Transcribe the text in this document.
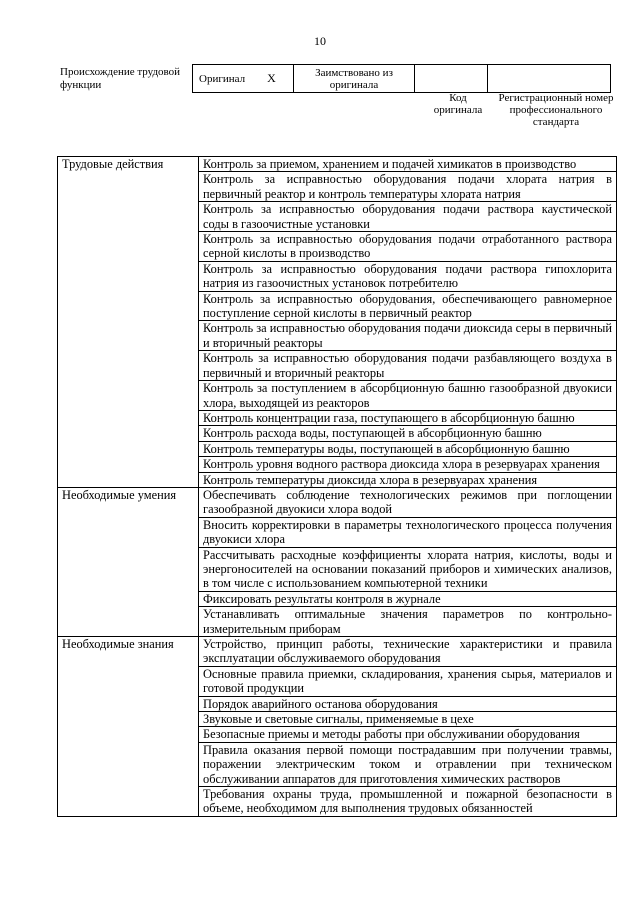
10
Происхождение трудовой функции	Оригинал X	Заимствовано из оригинала		
Код оригинала
Регистрационный номер профессионального стандарта
Трудовые действия	Контроль за приемом, хранением и подачей химикатов в производство
	Контроль за исправностью оборудования подачи хлората натрия в первичный реактор и контроль температуры хлората натрия
	Контроль за исправностью оборудования подачи раствора каустической соды в газоочистные установки
	Контроль за исправностью оборудования подачи отработанного раствора серной кислоты в производство
	Контроль за исправностью оборудования подачи раствора гипохлорита натрия из газоочистных установок потребителю
	Контроль за исправностью оборудования, обеспечивающего равномерное поступление серной кислоты в первичный реактор
	Контроль за исправностью оборудования подачи диоксида серы в первичный и вторичный реакторы
	Контроль за исправностью оборудования подачи разбавляющего воздуха в первичный и вторичный реакторы
	Контроль за поступлением в абсорбционную башню газообразной двуокиси хлора, выходящей из реакторов
	Контроль концентрации газа, поступающего в абсорбционную башню
	Контроль расхода воды, поступающей в абсорбционную башню
	Контроль температуры воды, поступающей в абсорбционную башню
	Контроль уровня водного раствора диоксида хлора в резервуарах хранения
	Контроль температуры диоксида хлора в резервуарах хранения
Необходимые умения	Обеспечивать соблюдение технологических режимов при поглощении газообразной двуокиси хлора водой
	Вносить корректировки в параметры технологического процесса получения двуокиси хлора
	Рассчитывать расходные коэффициенты хлората натрия, кислоты, воды и энергоносителей на основании показаний приборов и химических анализов, в том числе с использованием компьютерной техники
	Фиксировать результаты контроля в журнале
	Устанавливать оптимальные значения параметров по контрольно-измерительным приборам
Необходимые знания	Устройство, принцип работы, технические характеристики и правила эксплуатации обслуживаемого оборудования
	Основные правила приемки, складирования, хранения сырья, материалов и готовой продукции
	Порядок аварийного останова оборудования
	Звуковые и световые сигналы, применяемые в цехе
	Безопасные приемы и методы работы при обслуживании оборудования
	Правила оказания первой помощи пострадавшим при получении травмы, поражении электрическим током и отравлении при техническом обслуживании аппаратов для приготовления химических растворов
	Требования охраны труда, промышленной и пожарной безопасности в объеме, необходимом для выполнения трудовых обязанностей
